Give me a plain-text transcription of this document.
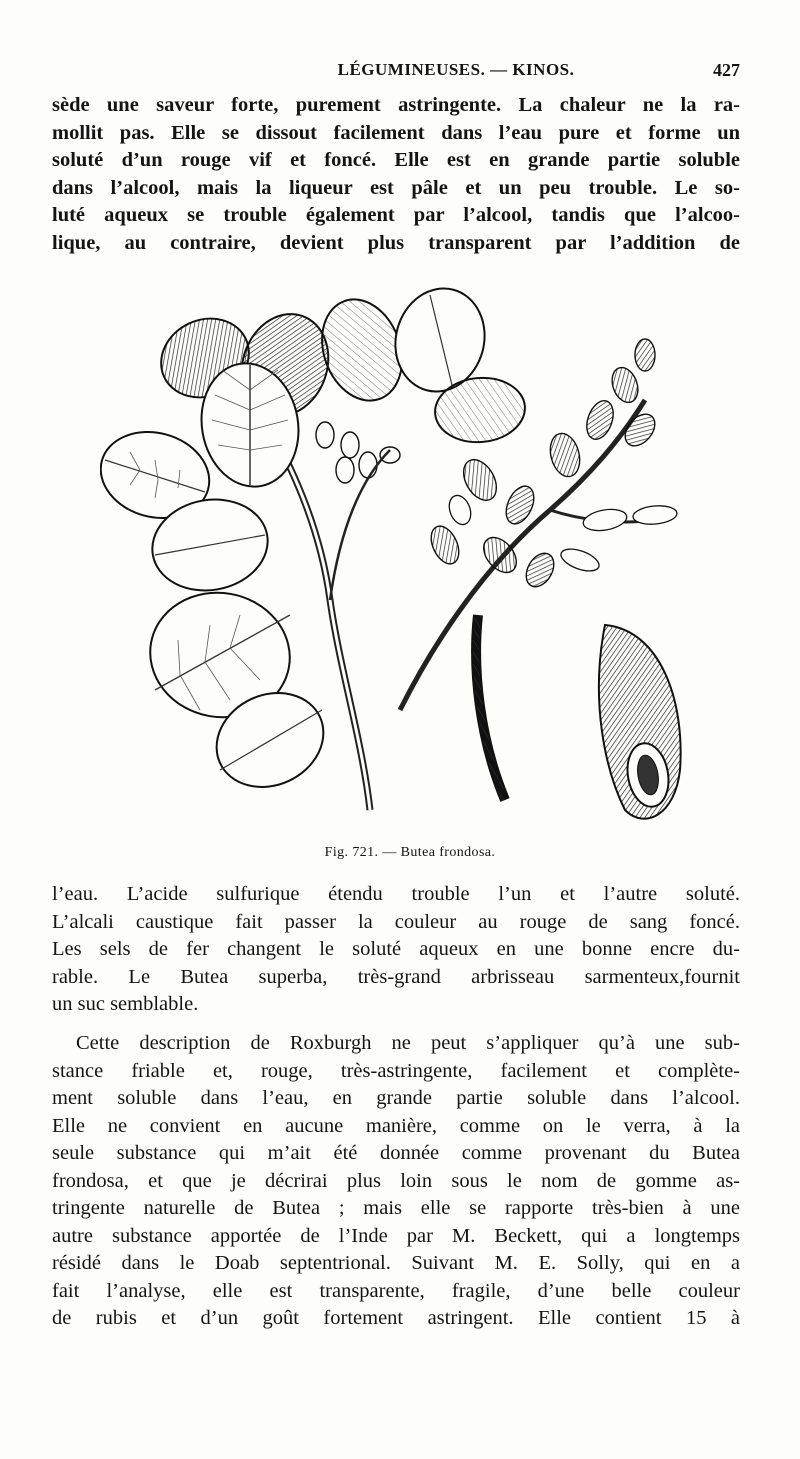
LÉGUMINEUSES. — KINOS.	427
sède une saveur forte, purement astringente. La chaleur ne la ra-
mollit pas. Elle se dissout facilement dans l’eau pure et forme un
soluté d’un rouge vif et foncé. Elle est en grande partie soluble
dans l’alcool, mais la liqueur est pâle et un peu trouble. Le so-
luté aqueux se trouble également par l’alcool, tandis que l’alcoo-
lique, au contraire, devient plus transparent par l’addition de
Fig. 721. — Butea frondosa.
l’eau. L’acide sulfurique étendu trouble l’un et l’autre soluté.
L’alcali caustique fait passer la couleur au rouge de sang foncé.
Les sels de fer changent le soluté aqueux en une bonne encre du-
rable. Le Butea superba, très-grand arbrisseau sarmenteux,fournit
un suc semblable.
Cette description de Roxburgh ne peut s’appliquer qu’à une sub-
stance friable et, rouge, très-astringente, facilement et complète-
ment soluble dans l’eau, en grande partie soluble dans l’alcool.
Elle ne convient en aucune manière, comme on le verra, à la
seule substance qui m’ait été donnée comme provenant du Butea
frondosa, et que je décrirai plus loin sous le nom de gomme as-
tringente naturelle de Butea ; mais elle se rapporte très-bien à une
autre substance apportée de l’Inde par M. Beckett, qui a longtemps
résidé dans le Doab septentrional. Suivant M. E. Solly, qui en a
fait l’analyse, elle est transparente, fragile, d’une belle couleur
de rubis et d’un goût fortement astringent. Elle contient 15 à
